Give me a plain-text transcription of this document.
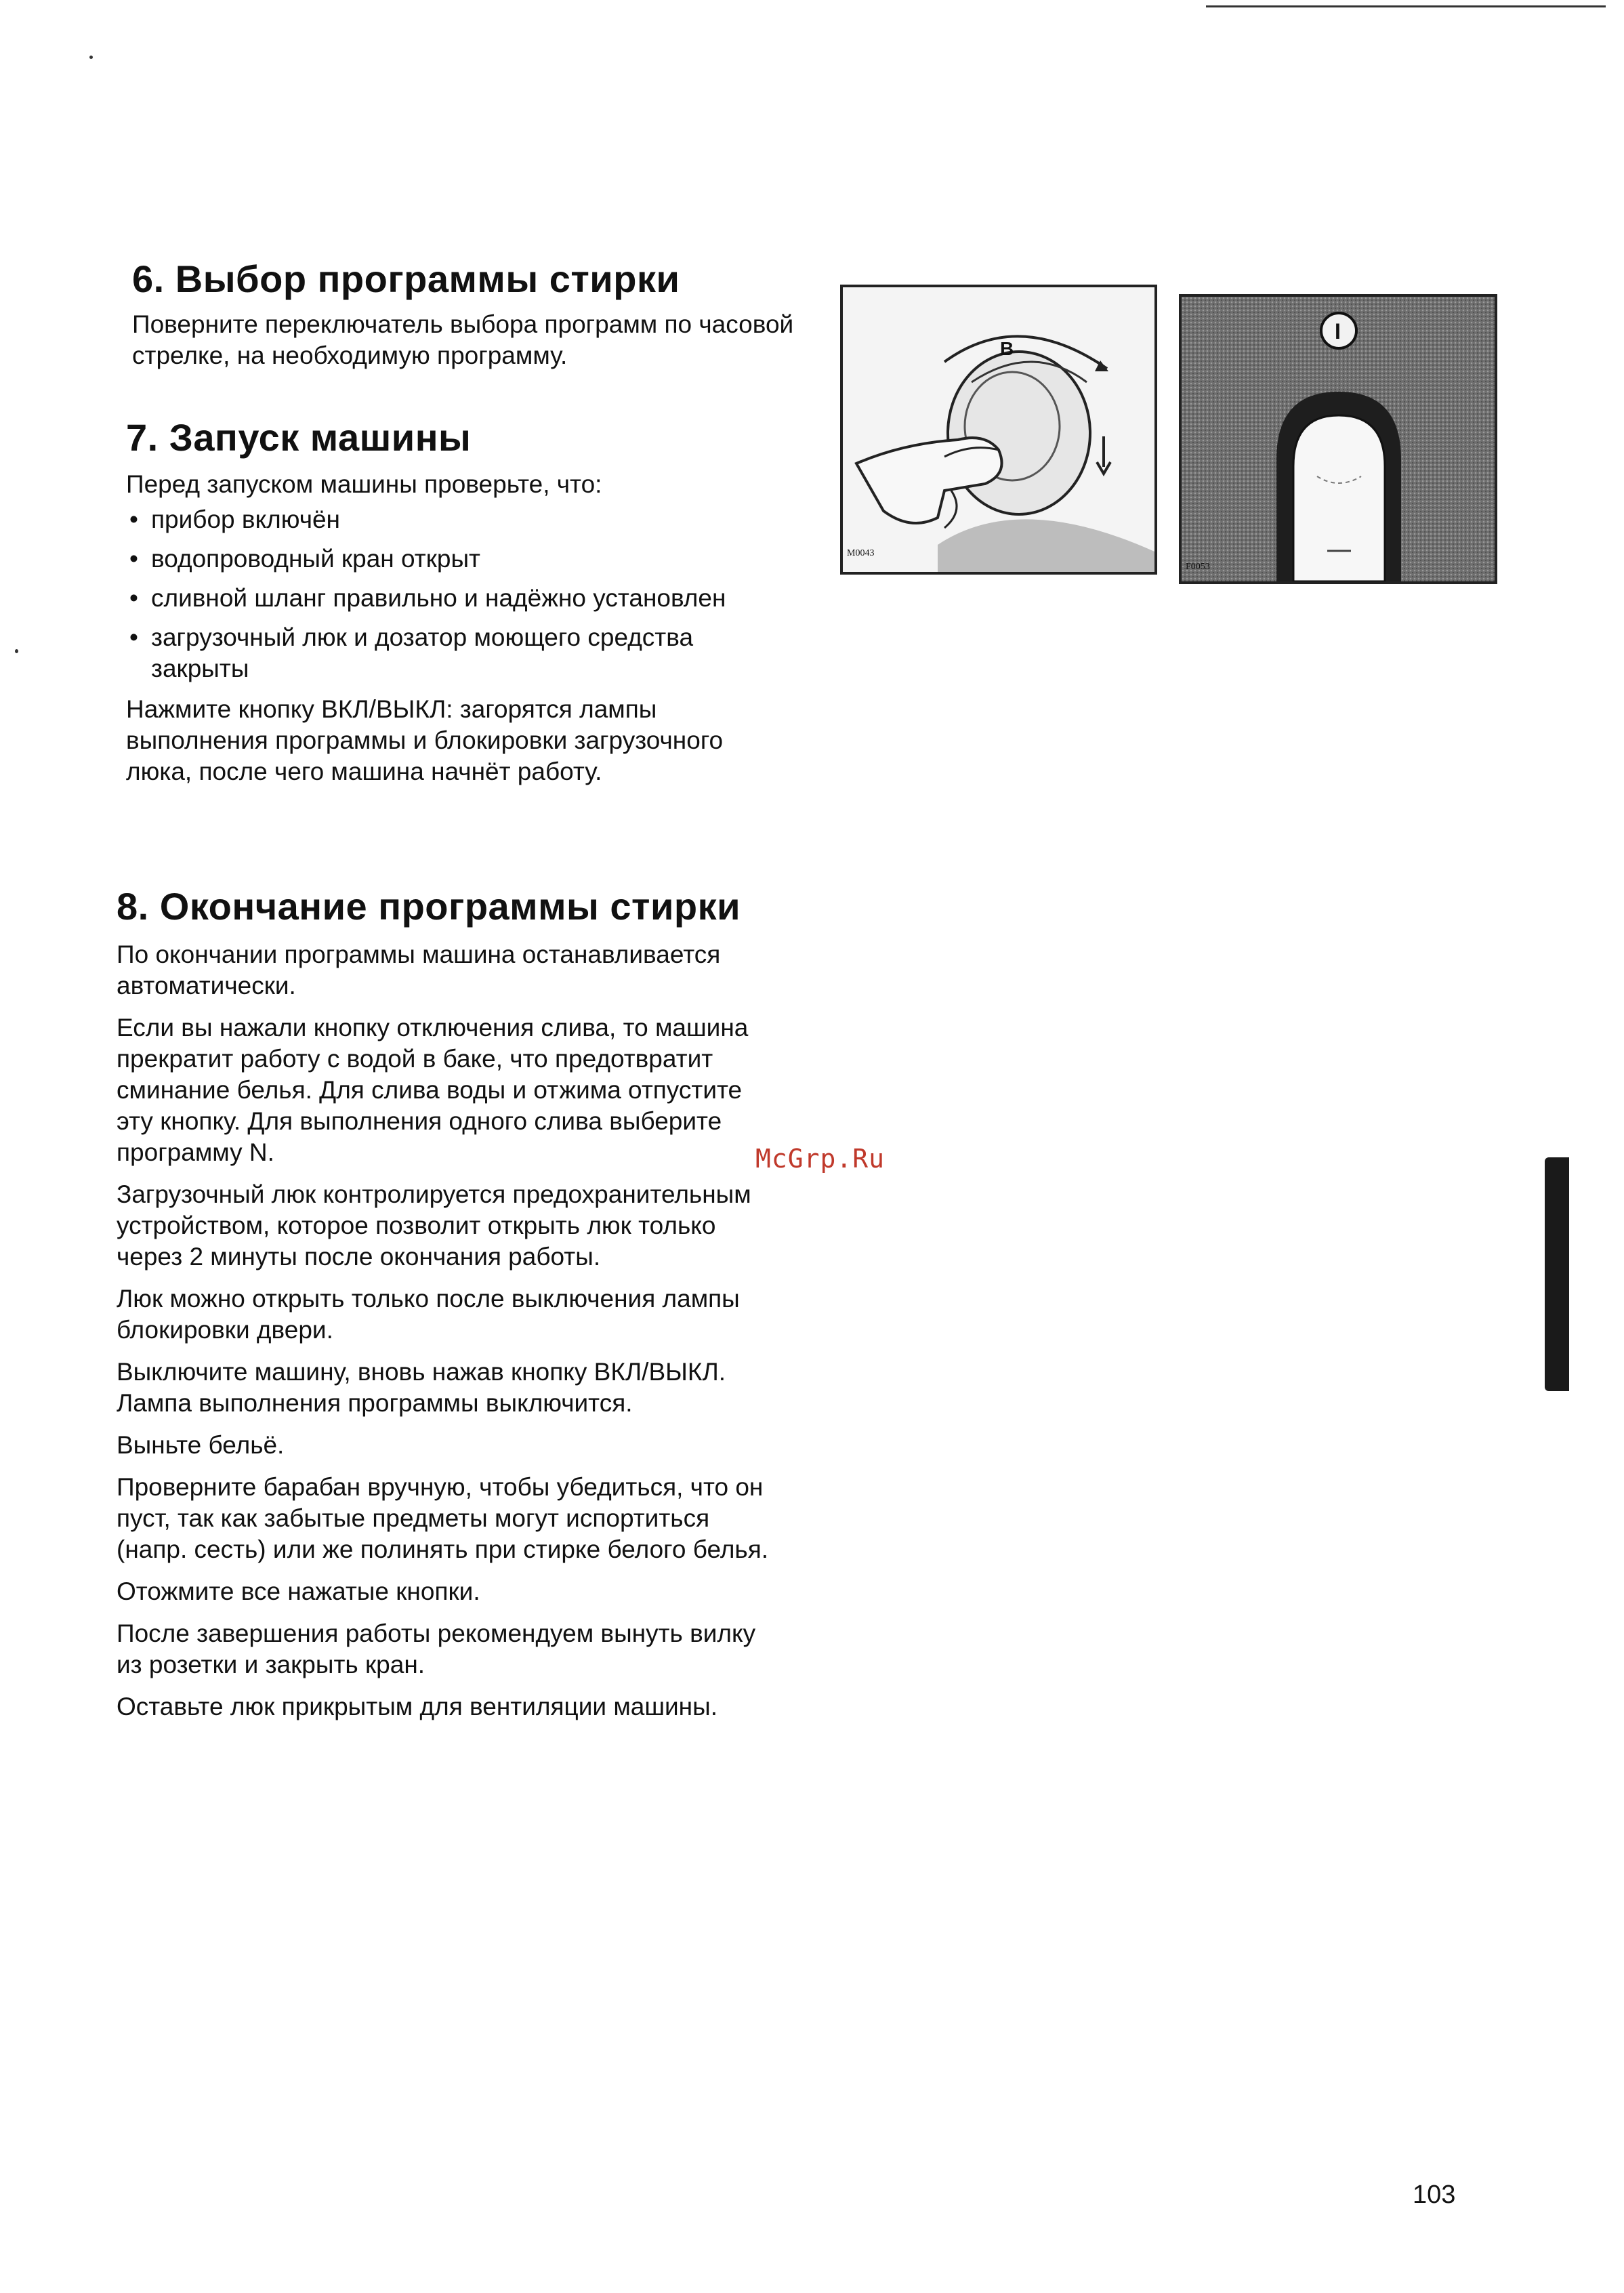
6. Выбор программы стирки

Поверните переключатель выбора программ по часовой стрелке, на необходимую программу.

7. Запуск машины

Перед запуском машины проверьте, что:

• прибор включён
• водопроводный кран открыт
• сливной шланг правильно и надёжно установлен
• загрузочный люк и дозатор моющего средства закрыты

Нажмите кнопку ВКЛ/ВЫКЛ: загорятся лампы выполнения программы и блокировки загрузочного люка, после чего машина начнёт работу.

8. Окончание программы стирки

По окончании программы машина останавливается автоматически.

Если вы нажали кнопку отключения слива, то машина прекратит работу с водой в баке, что предотвратит сминание белья. Для слива воды и отжима отпустите эту кнопку. Для выполнения одного слива выберите программу N.

Загрузочный люк контролируется предохранительным устройством, которое позволит открыть люк только через 2 минуты после окончания работы.

Люк можно открыть только после выключения лампы блокировки двери.

Выключите машину, вновь нажав кнопку ВКЛ/ВЫКЛ. Лампа выполнения программы выключится.

Выньте бельё.

Проверните барабан вручную, чтобы убедиться, что он пуст, так как забытые предметы могут испортиться (напр. сесть) или же полинять при стирке белого белья.

Отожмите все нажатые кнопки.

После завершения работы рекомендуем вынуть вилку из розетки и закрыть кран.

Оставьте люк прикрытым для вентиляции машины.

McGrp.Ru
B
M0043
I
F0053
103
